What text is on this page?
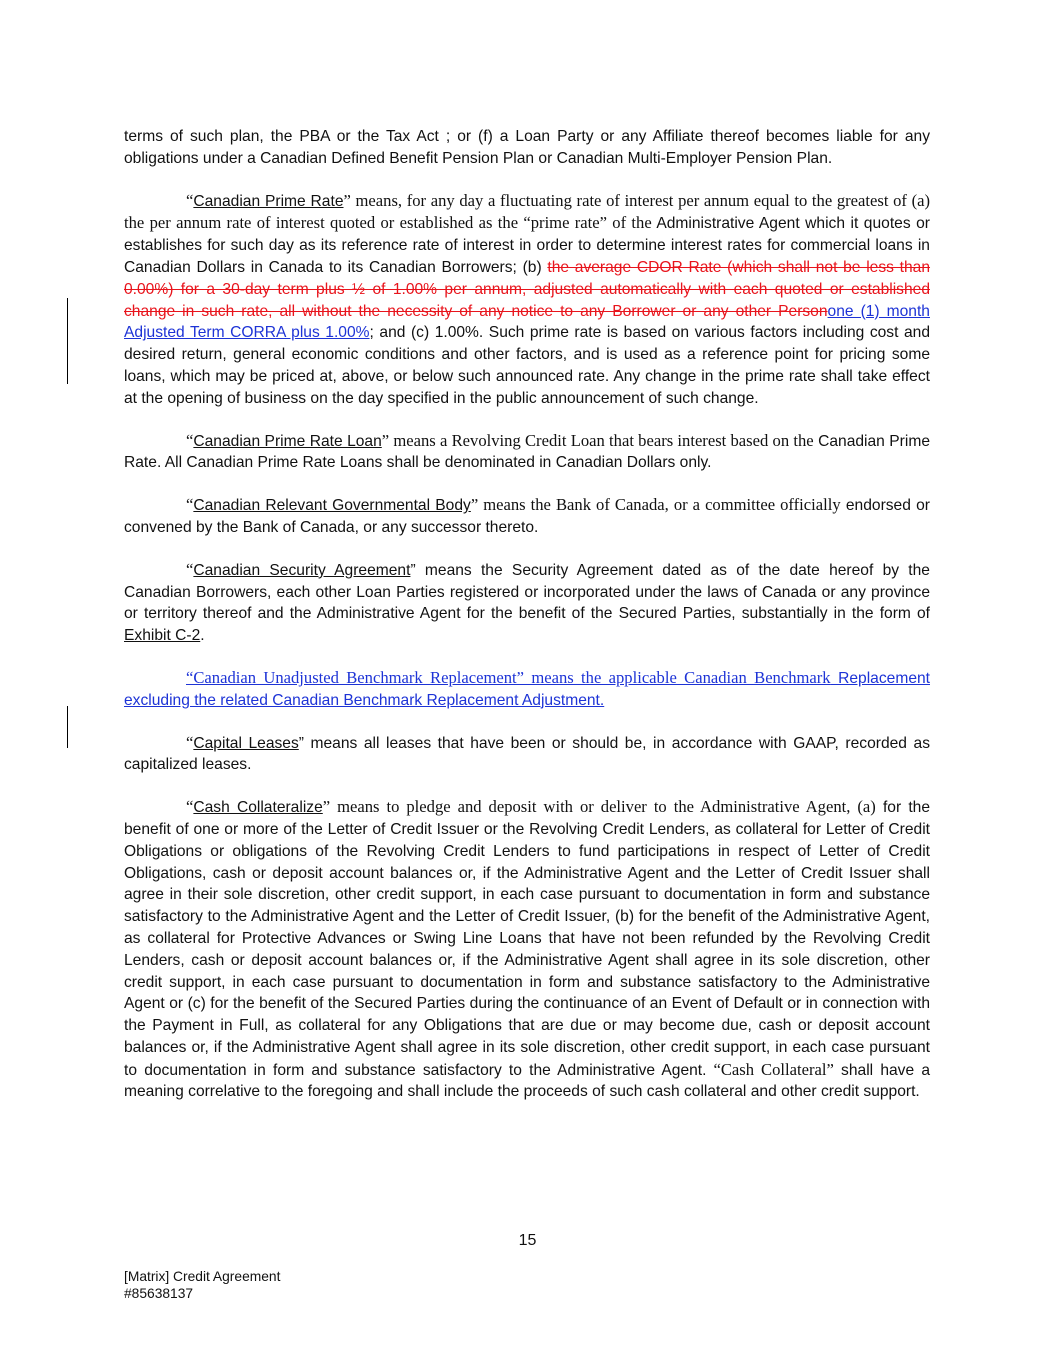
terms of such plan, the PBA or the Tax Act ; or (f) a Loan Party or any Affiliate thereof becomes liable for any obligations under a Canadian Defined Benefit Pension Plan or Canadian Multi-Employer Pension Plan.

“Canadian Prime Rate” means, for any day a fluctuating rate of interest per annum equal to the greatest of (a) the per annum rate of interest quoted or established as the “prime rate” of the Administrative Agent which it quotes or establishes for such day as its reference rate of interest in order to determine interest rates for commercial loans in Canadian Dollars in Canada to its Canadian Borrowers; (b) the average CDOR Rate (which shall not be less than 0.00%) for a 30-day term plus ½ of 1.00% per annum, adjusted automatically with each quoted or established change in such rate, all without the necessity of any notice to any Borrower or any other Personone (1) month Adjusted Term CORRA plus 1.00%; and (c) 1.00%. Such prime rate is based on various factors including cost and desired return, general economic conditions and other factors, and is used as a reference point for pricing some loans, which may be priced at, above, or below such announced rate. Any change in the prime rate shall take effect at the opening of business on the day specified in the public announcement of such change.

“Canadian Prime Rate Loan” means a Revolving Credit Loan that bears interest based on the Canadian Prime Rate. All Canadian Prime Rate Loans shall be denominated in Canadian Dollars only.

“Canadian Relevant Governmental Body” means the Bank of Canada, or a committee officially endorsed or convened by the Bank of Canada, or any successor thereto.

“Canadian Security Agreement” means the Security Agreement dated as of the date hereof by the Canadian Borrowers, each other Loan Parties registered or incorporated under the laws of Canada or any province or territory thereof and the Administrative Agent for the benefit of the Secured Parties, substantially in the form of Exhibit C-2.

“Canadian Unadjusted Benchmark Replacement” means the applicable Canadian Benchmark Replacement excluding the related Canadian Benchmark Replacement Adjustment.

“Capital Leases” means all leases that have been or should be, in accordance with GAAP, recorded as capitalized leases.

“Cash Collateralize” means to pledge and deposit with or deliver to the Administrative Agent, (a) for the benefit of one or more of the Letter of Credit Issuer or the Revolving Credit Lenders, as collateral for Letter of Credit Obligations or obligations of the Revolving Credit Lenders to fund participations in respect of Letter of Credit Obligations, cash or deposit account balances or, if the Administrative Agent and the Letter of Credit Issuer shall agree in their sole discretion, other credit support, in each case pursuant to documentation in form and substance satisfactory to the Administrative Agent and the Letter of Credit Issuer, (b) for the benefit of the Administrative Agent, as collateral for Protective Advances or Swing Line Loans that have not been refunded by the Revolving Credit Lenders, cash or deposit account balances or, if the Administrative Agent shall agree in its sole discretion, other credit support, in each case pursuant to documentation in form and substance satisfactory to the Administrative Agent or (c) for the benefit of the Secured Parties during the continuance of an Event of Default or in connection with the Payment in Full, as collateral for any Obligations that are due or may become due, cash or deposit account balances or, if the Administrative Agent shall agree in its sole discretion, other credit support, in each case pursuant to documentation in form and substance satisfactory to the Administrative Agent. “Cash Collateral” shall have a meaning correlative to the foregoing and shall include the proceeds of such cash collateral and other credit support.

15
[Matrix] Credit Agreement
#85638137
